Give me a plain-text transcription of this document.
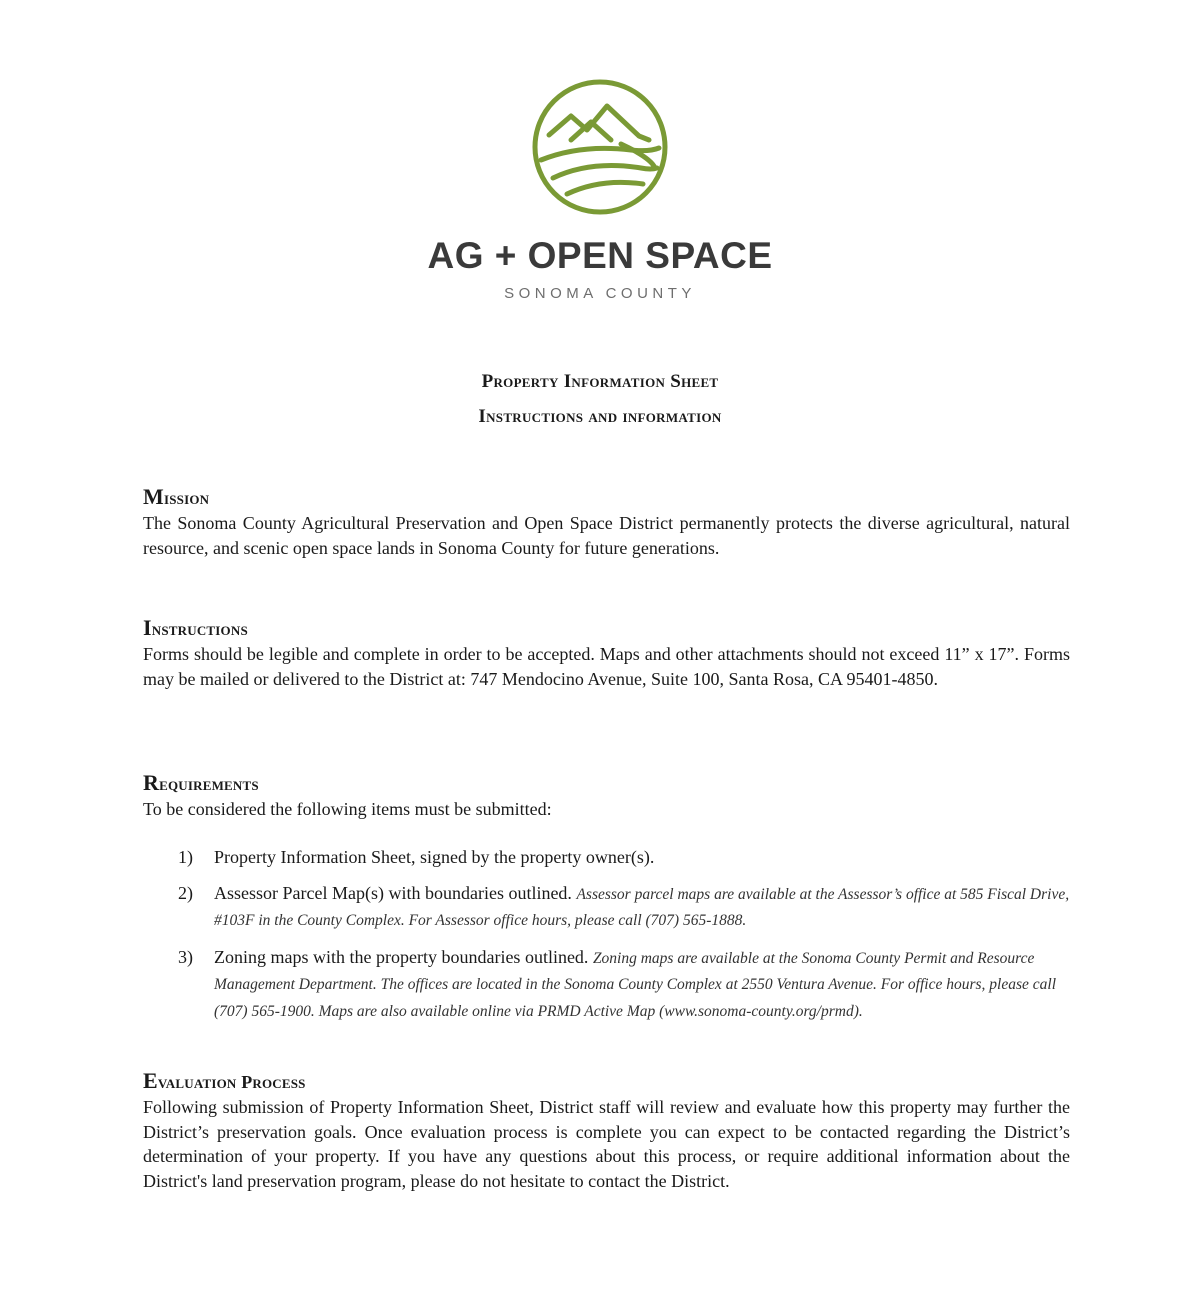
AG + OPEN SPACE
SONOMA COUNTY
Property Information Sheet
Instructions and information
Mission
The Sonoma County Agricultural Preservation and Open Space District permanently protects the diverse agricultural, natural resource, and scenic open space lands in Sonoma County for future generations.
Instructions
Forms should be legible and complete in order to be accepted. Maps and other attachments should not exceed 11” x 17”. Forms may be mailed or delivered to the District at: 747 Mendocino Avenue, Suite 100, Santa Rosa, CA 95401-4850.
Requirements
To be considered the following items must be submitted:
1)	Property Information Sheet, signed by the property owner(s).
2)	Assessor Parcel Map(s) with boundaries outlined. Assessor parcel maps are available at the Assessor’s office at 585 Fiscal Drive, #103F in the County Complex. For Assessor office hours, please call (707) 565-1888.
3)	Zoning maps with the property boundaries outlined. Zoning maps are available at the Sonoma County Permit and Resource Management Department. The offices are located in the Sonoma County Complex at 2550 Ventura Avenue. For office hours, please call (707) 565-1900. Maps are also available online via PRMD Active Map (www.sonoma-county.org/prmd).
Evaluation Process
Following submission of Property Information Sheet, District staff will review and evaluate how this property may further the District’s preservation goals. Once evaluation process is complete you can expect to be contacted regarding the District’s determination of your property. If you have any questions about this process, or require additional information about the District's land preservation program, please do not hesitate to contact the District.
